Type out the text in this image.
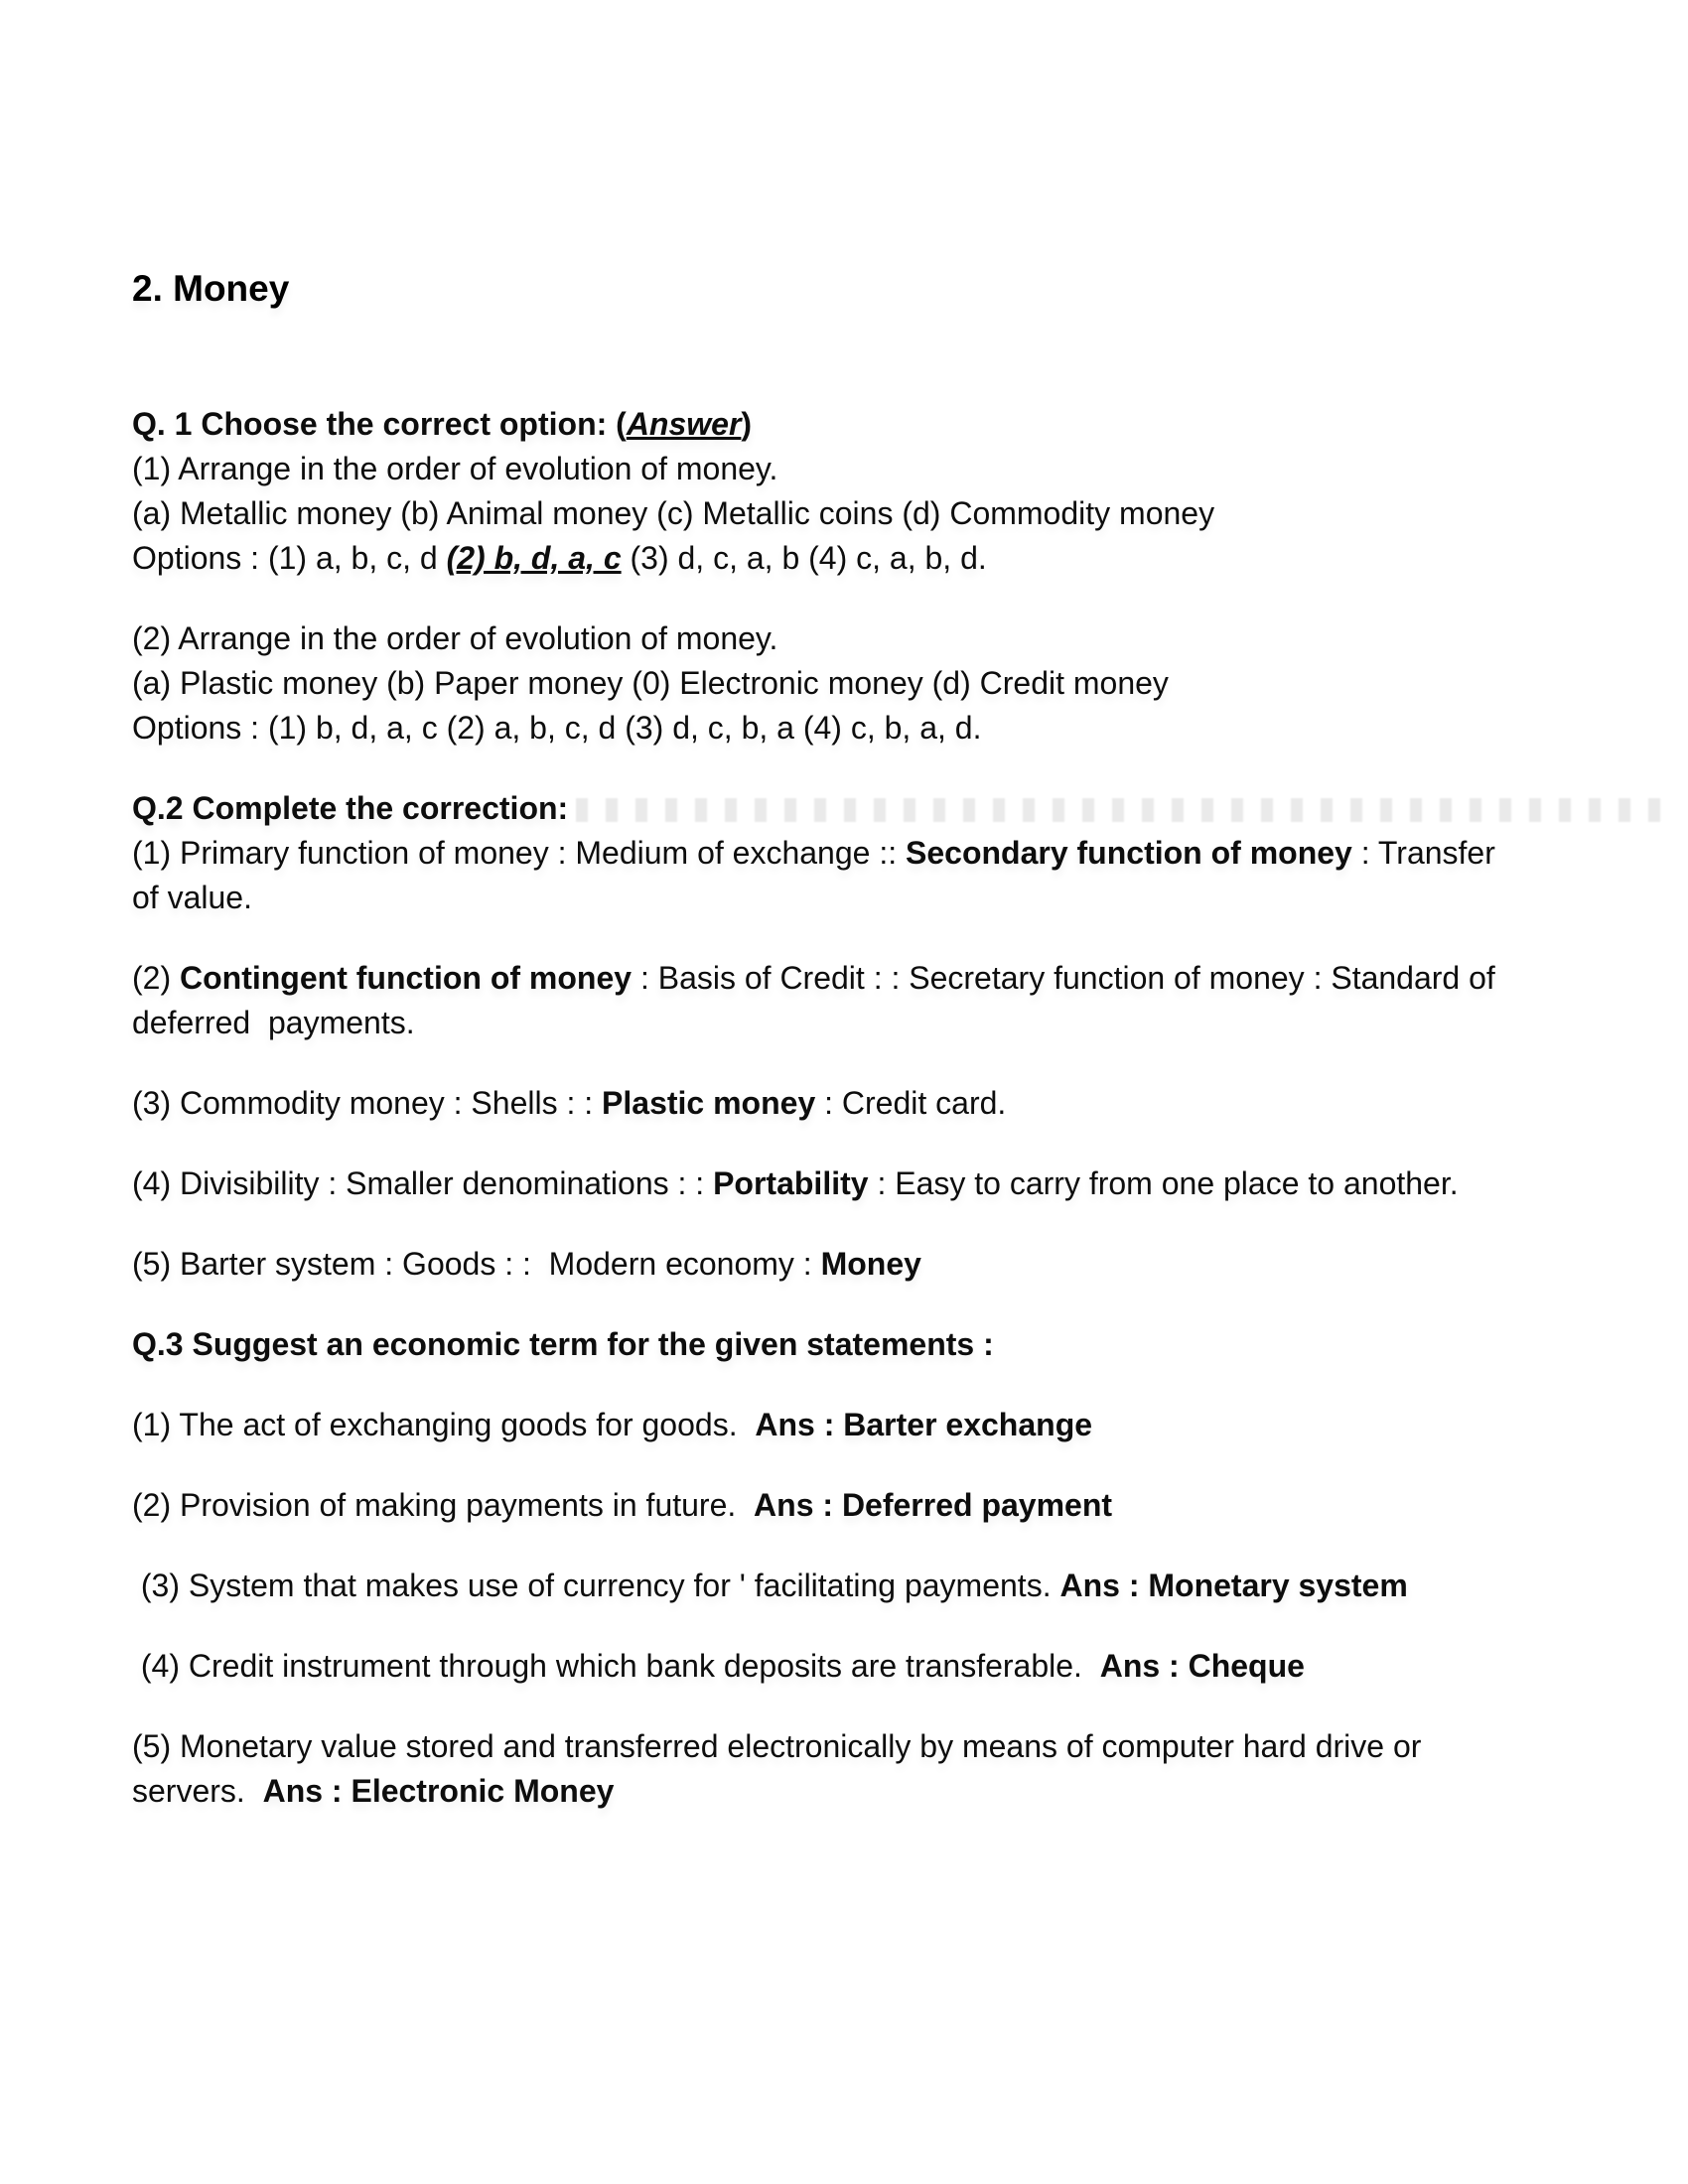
2. Money

Q. 1 Choose the correct option: (Answer)

(1) Arrange in the order of evolution of money.
(a) Metallic money (b) Animal money (c) Metallic coins (d) Commodity money
Options : (1) a, b, c, d (2) b, d, a, c (3) d, c, a, b (4) c, a, b, d.

(2) Arrange in the order of evolution of money.
(a) Plastic money (b) Paper money (0) Electronic money (d) Credit money
Options : (1) b, d, a, c (2) a, b, c, d (3) d, c, b, a (4) c, b, a, d.

Q.2 Complete the correction:

(1) Primary function of money : Medium of exchange :: Secondary function of money : Transfer of value.

(2) Contingent function of money : Basis of Credit : : Secretary function of money : Standard of deferred  payments.

(3) Commodity money : Shells : : Plastic money : Credit card.

(4) Divisibility : Smaller denominations : : Portability : Easy to carry from one place to another.

(5) Barter system : Goods : :  Modern economy : Money

Q.3 Suggest an economic term for the given statements :

(1) The act of exchanging goods for goods.  Ans : Barter exchange

(2) Provision of making payments in future.  Ans : Deferred payment

(3) System that makes use of currency for ' facilitating payments. Ans : Monetary system

(4) Credit instrument through which bank deposits are transferable.  Ans : Cheque

(5) Monetary value stored and transferred electronically by means of computer hard drive or servers.  Ans : Electronic Money
